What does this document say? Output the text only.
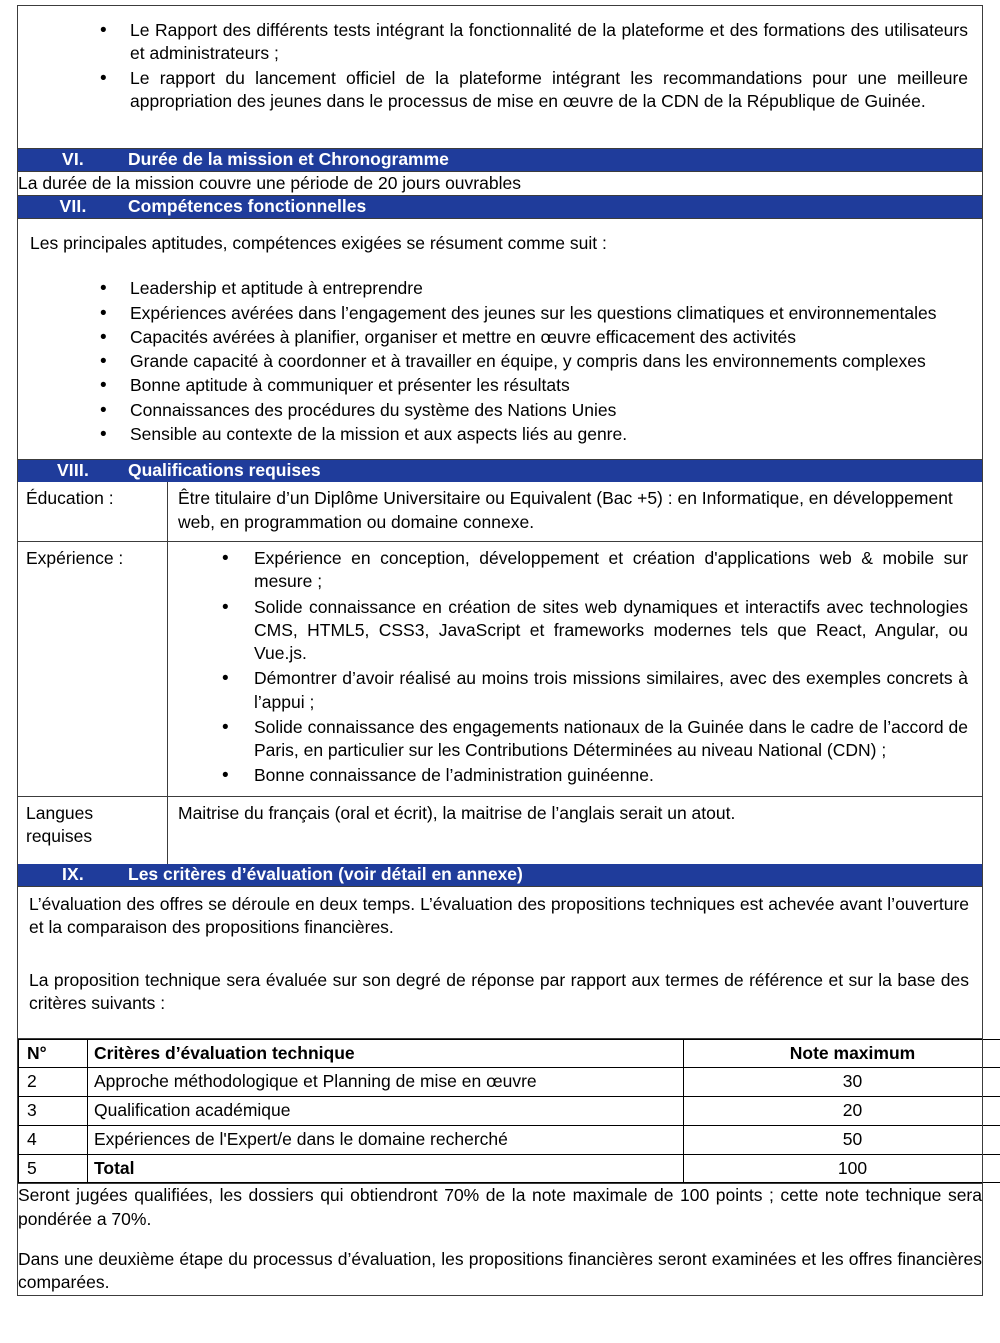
• Le Rapport des différents tests intégrant la fonctionnalité de la plateforme et des formations des utilisateurs et administrateurs ;
• Le rapport du lancement officiel de la plateforme intégrant les recommandations pour une meilleure appropriation des jeunes dans le processus de mise en œuvre de la CDN de la République de Guinée.

VI.	Durée de la mission et Chronogramme
La durée de la mission couvre une période de 20 jours ouvrables
VII. Compétences fonctionnelles

Les principales aptitudes, compétences exigées se résument comme suit :

• Leadership et aptitude à entreprendre
• Expériences avérées dans l’engagement des jeunes sur les questions climatiques et environnementales
• Capacités avérées à planifier, organiser et mettre en œuvre efficacement des activités
• Grande capacité à coordonner et à travailler en équipe, y compris dans les environnements complexes
• Bonne aptitude à communiquer et présenter les résultats
• Connaissances des procédures du système des Nations Unies
• Sensible au contexte de la mission et aux aspects liés au genre.

VIII. Qualifications requises

Éducation :	Être titulaire d’un Diplôme Universitaire ou Equivalent (Bac +5) : en Informatique, en développement web, en programmation ou domaine connexe.
Expérience :	
•Expérience en conception, développement et création d'applications web & mobile sur mesure ;
• Solide connaissance en création de sites web dynamiques et interactifs avec technologies CMS, HTML5, CSS3, JavaScript et frameworks modernes tels que React, Angular, ou Vue.js.
• Démontrer d’avoir réalisé au moins trois missions similaires, avec des exemples concrets à l’appui ;
• Solide connaissance des engagements nationaux de la Guinée dans le cadre de l’accord de Paris, en particulier sur les Contributions Déterminées au niveau National (CDN) ;
• Bonne connaissance de l’administration guinéenne.

Langues requises	Maitrise du français (oral et écrit), la maitrise de l’anglais serait un atout.

IX.	Les critères d’évaluation (voir détail en annexe)

L’évaluation des offres se déroule en deux temps. L’évaluation des propositions techniques est achevée avant l’ouverture et la comparaison des propositions financières.

La proposition technique sera évaluée sur son degré de réponse par rapport aux termes de référence et sur la base des critères suivants :

N°	Critères d’évaluation technique	Note maximum
2	Approche méthodologique et Planning de mise en œuvre	30
3	Qualification académique	20
4	Expériences de l'Expert/e dans le domaine recherché	50
5	Total	100

Seront jugées qualifiées, les dossiers qui obtiendront 70% de la note maximale de 100 points ; cette note technique sera pondérée a 70%.

Dans une deuxième étape du processus d’évaluation, les propositions financières seront examinées et les offres financières comparées.
